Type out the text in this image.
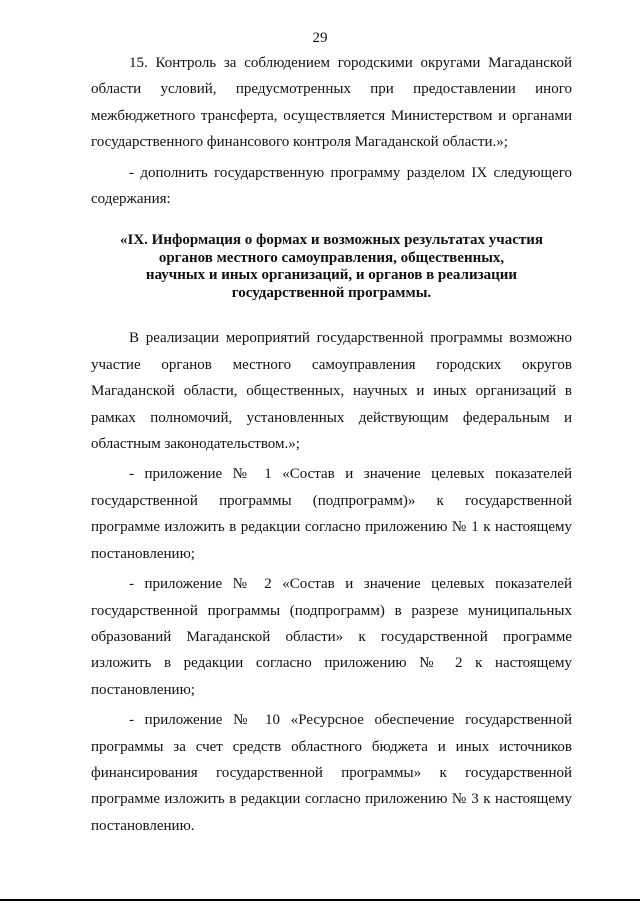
29

15. Контроль за соблюдением городскими округами Магаданской области условий, предусмотренных при предоставлении иного межбюджетного трансферта, осуществляется Министерством и органами государственного финансового контроля Магаданской области.»;

- дополнить государственную программу разделом IX следующего содержания:

«IX. Информация о формах и возможных результатах участия
органов местного самоуправления, общественных,
научных и иных организаций, и органов в реализации
государственной программы.

В реализации мероприятий государственной программы возможно участие органов местного самоуправления городских округов Магаданской области, общественных, научных и иных организаций в рамках полномочий, установленных действующим федеральным и областным законодательством.»;

- приложение № 1 «Состав и значение целевых показателей государственной программы (подпрограмм)» к государственной программе изложить в редакции согласно приложению № 1 к настоящему постановлению;

- приложение № 2 «Состав и значение целевых показателей государственной программы (подпрограмм) в разрезе муниципальных образований Магаданской области» к государственной программе изложить в редакции согласно приложению № 2 к настоящему постановлению;

- приложение № 10 «Ресурсное обеспечение государственной программы за счет средств областного бюджета и иных источников финансирования государственной программы» к государственной программе изложить в редакции согласно приложению № 3 к настоящему постановлению.
